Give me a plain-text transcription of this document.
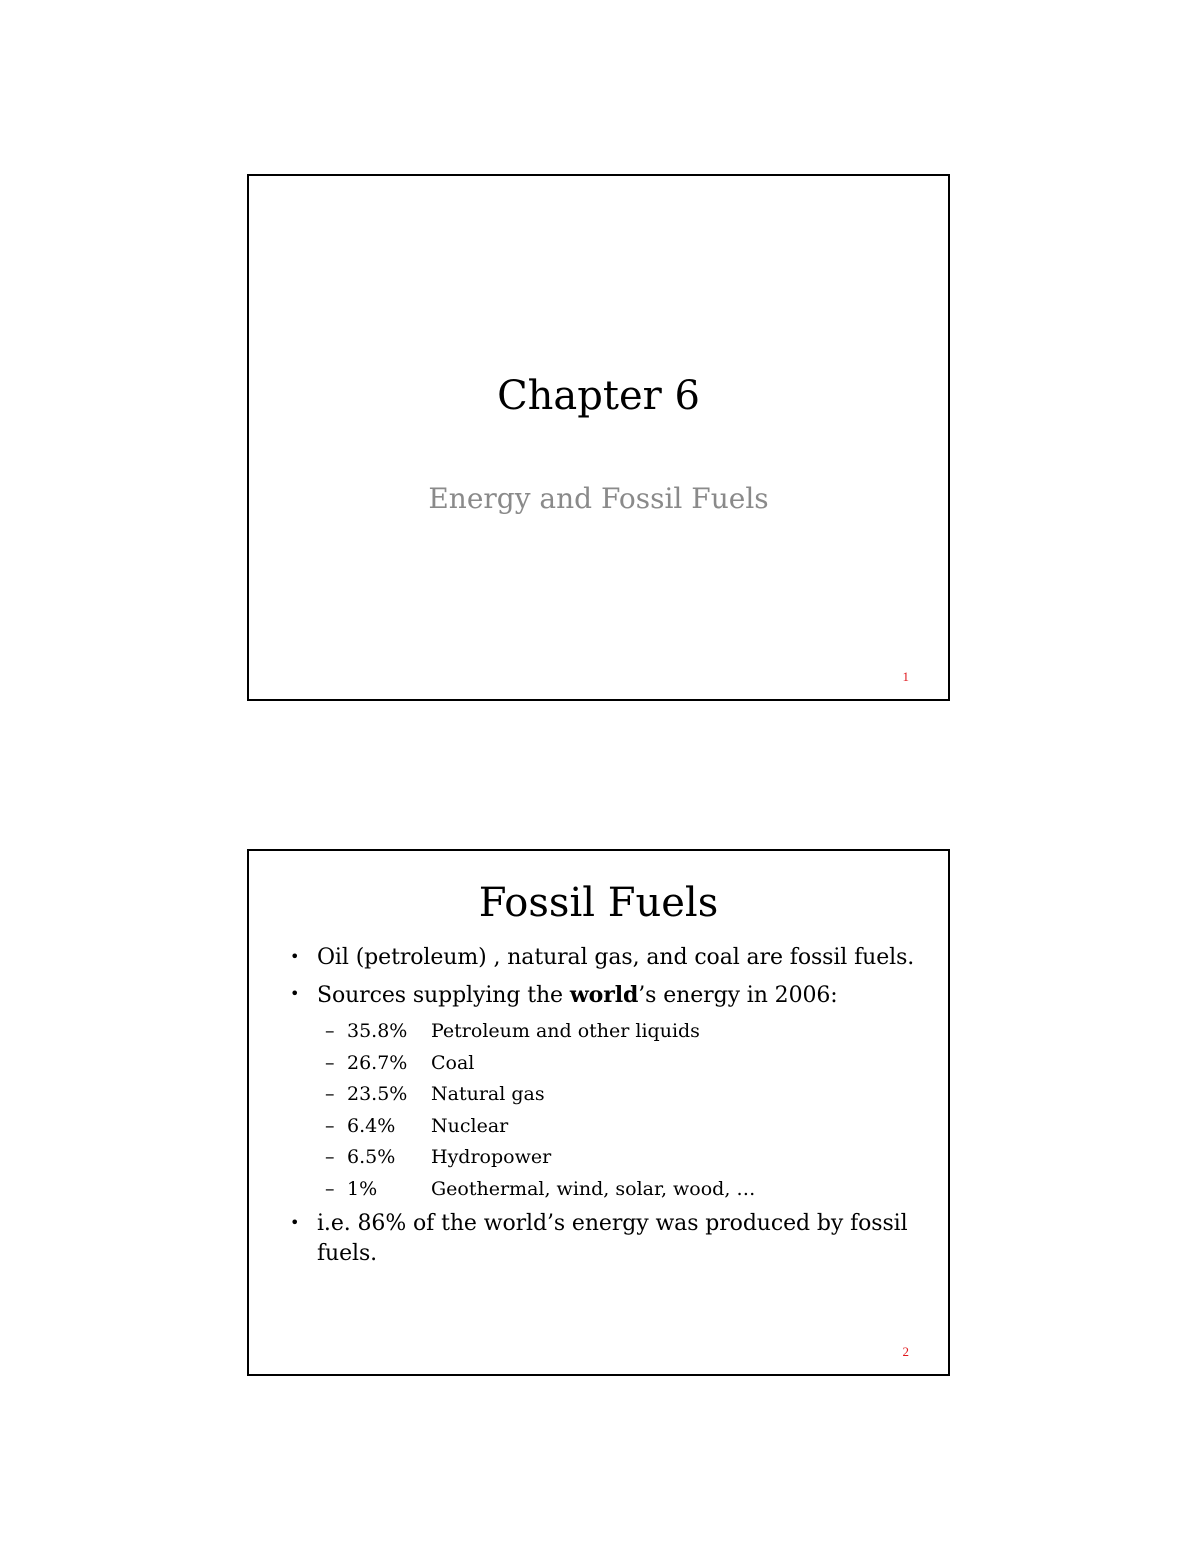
Chapter 6
Energy and Fossil Fuels
1
Fossil Fuels
• Oil (petroleum) , natural gas, and coal are fossil fuels.
• Sources supplying the world’s energy in 2006:
– 35.8% Petroleum and other liquids
– 26.7% Coal
– 23.5% Natural gas
– 6.4% Nuclear
– 6.5% Hydropower
– 1%	Geothermal, wind, solar, wood, …
• i.e. 86% of the world’s energy was produced by fossil fuels.
2
